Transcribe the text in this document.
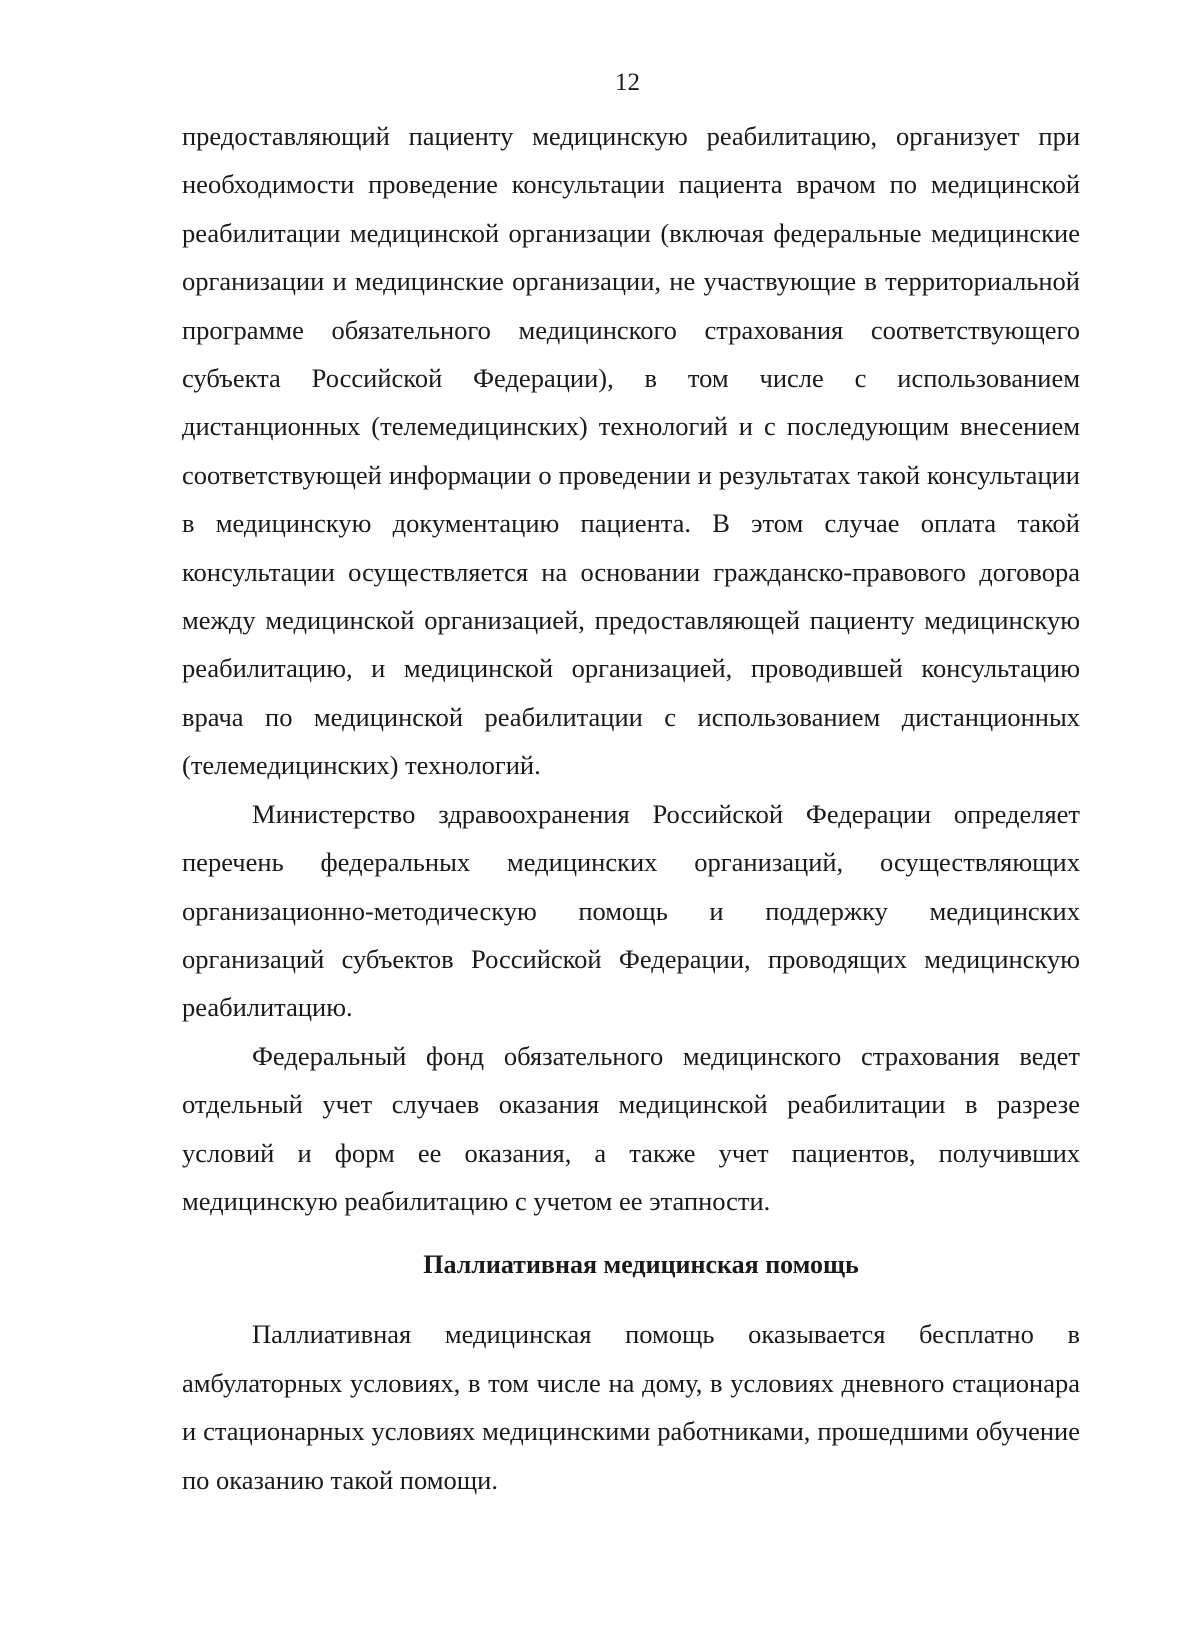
12

предоставляющий пациенту медицинскую реабилитацию, организует при необходимости проведение консультации пациента врачом по медицинской реабилитации медицинской организации (включая федеральные медицинские организации и медицинские организации, не участвующие в территориальной программе обязательного медицинского страхования соответствующего субъекта Российской Федерации), в том числе с использованием дистанционных (телемедицинских) технологий и с последующим внесением соответствующей информации о проведении и результатах такой консультации в медицинскую документацию пациента. В этом случае оплата такой консультации осуществляется на основании гражданско-правового договора между медицинской организацией, предоставляющей пациенту медицинскую реабилитацию, и медицинской организацией, проводившей консультацию врача по медицинской реабилитации с использованием дистанционных (телемедицинских) технологий.

Министерство здравоохранения Российской Федерации определяет перечень федеральных медицинских организаций, осуществляющих организационно-методическую помощь и поддержку медицинских организаций субъектов Российской Федерации, проводящих медицинскую реабилитацию.

Федеральный фонд обязательного медицинского страхования ведет отдельный учет случаев оказания медицинской реабилитации в разрезе условий и форм ее оказания, а также учет пациентов, получивших медицинскую реабилитацию с учетом ее этапности.

Паллиативная медицинская помощь

Паллиативная медицинская помощь оказывается бесплатно в амбулаторных условиях, в том числе на дому, в условиях дневного стационара и стационарных условиях медицинскими работниками, прошедшими обучение по оказанию такой помощи.
